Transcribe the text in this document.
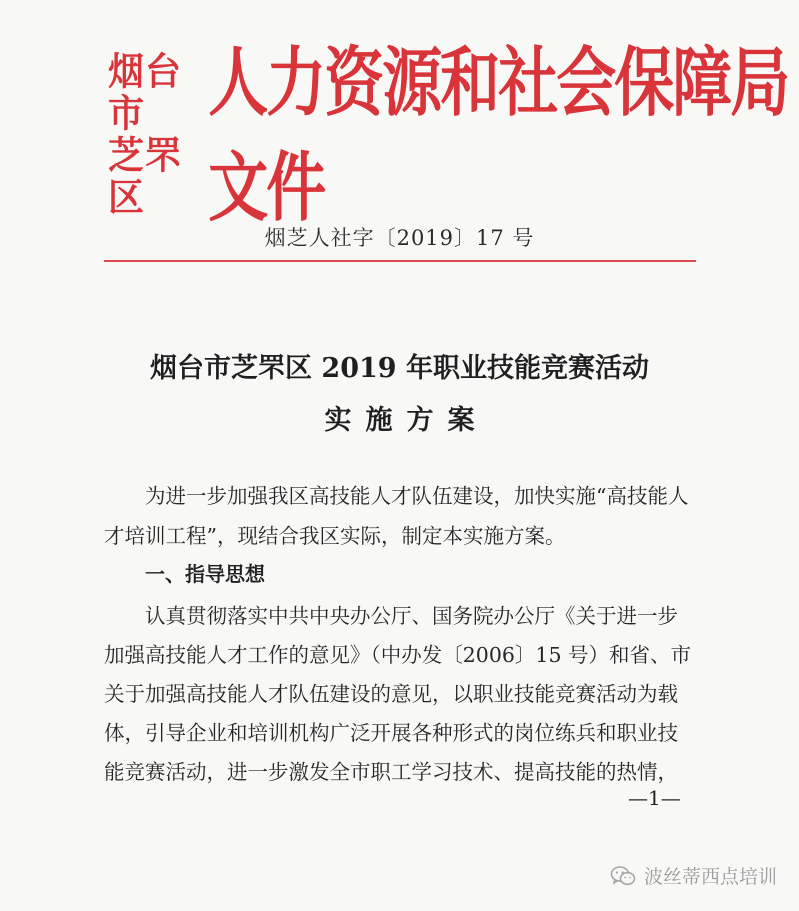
烟台市
芝罘区
人力资源和社会保障局文件
烟芝人社字〔2019〕17 号
烟台市芝罘区 2019 年职业技能竞赛活动
实施方案
为进一步加强我区高技能人才队伍建设，加快实施“高技能人
才培训工程”，现结合我区实际，制定本实施方案。
一、指导思想
认真贯彻落实中共中央办公厅、国务院办公厅《关于进一步
加强高技能人才工作的意见》（中办发〔2006〕15 号）和省、市
关于加强高技能人才队伍建设的意见，以职业技能竞赛活动为载
体，引导企业和培训机构广泛开展各种形式的岗位练兵和职业技
能竞赛活动，进一步激发全市职工学习技术、提高技能的热情，
—1—
波丝蒂西点培训
